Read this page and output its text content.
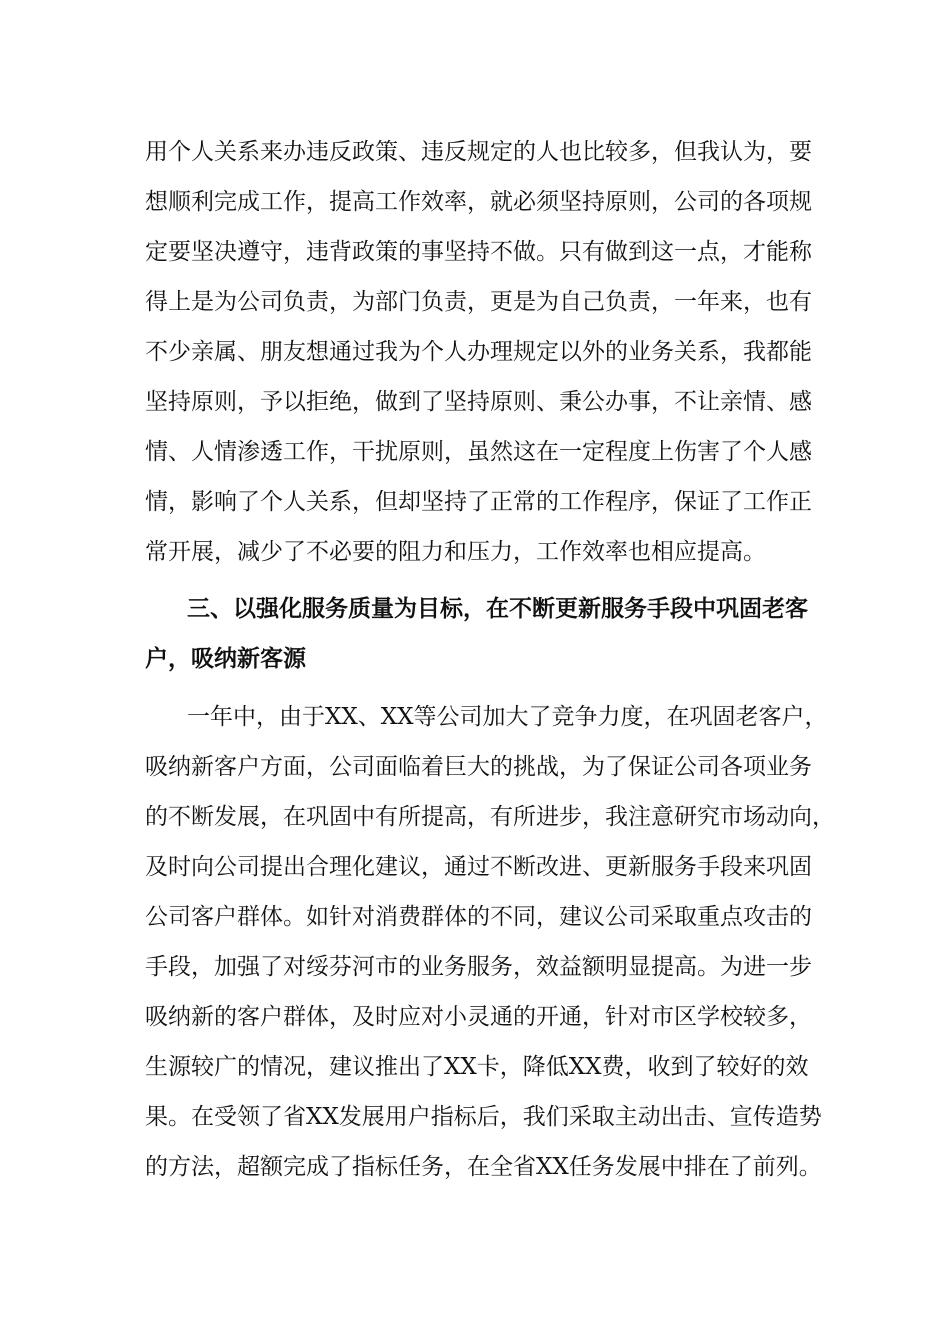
用个人关系来办违反政策、违反规定的人也比较多，但我认为，要
想顺利完成工作，提高工作效率，就必须坚持原则，公司的各项规
定要坚决遵守，违背政策的事坚持不做。只有做到这一点，才能称
得上是为公司负责，为部门负责，更是为自己负责，一年来，也有
不少亲属、朋友想通过我为个人办理规定以外的业务关系，我都能
坚持原则，予以拒绝，做到了坚持原则、秉公办事，不让亲情、感
情、人情渗透工作，干扰原则，虽然这在一定程度上伤害了个人感
情，影响了个人关系，但却坚持了正常的工作程序，保证了工作正
常开展，减少了不必要的阻力和压力，工作效率也相应提高。
三、以强化服务质量为目标，在不断更新服务手段中巩固老客
户，吸纳新客源
一年中，由于XX、XX等公司加大了竞争力度，在巩固老客户，
吸纳新客户方面，公司面临着巨大的挑战，为了保证公司各项业务
的不断发展，在巩固中有所提高，有所进步，我注意研究市场动向，
及时向公司提出合理化建议，通过不断改进、更新服务手段来巩固
公司客户群体。如针对消费群体的不同，建议公司采取重点攻击的
手段，加强了对绥芬河市的业务服务，效益额明显提高。为进一步
吸纳新的客户群体，及时应对小灵通的开通，针对市区学校较多，
生源较广的情况，建议推出了XX卡，降低XX费，收到了较好的效
果。在受领了省XX发展用户指标后，我们采取主动出击、宣传造势
的方法，超额完成了指标任务，在全省XX任务发展中排在了前列。
